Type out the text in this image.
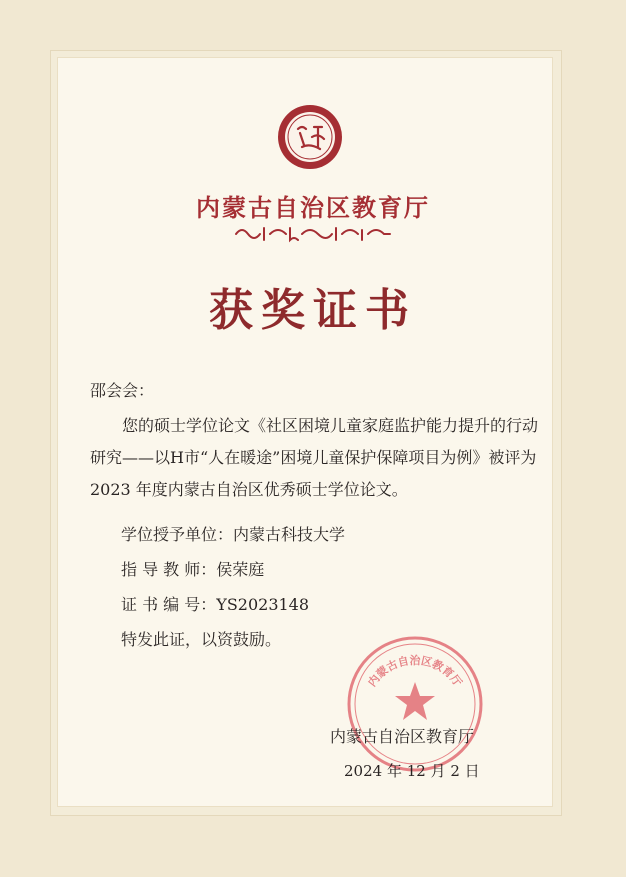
内蒙古自治区教育厅
获奖证书
邵会会：
您的硕士学位论文《社区困境儿童家庭监护能力提升的行动研究——以H市“人在暖途”困境儿童保护保障项目为例》被评为 2023 年度内蒙古自治区优秀硕士学位论文。
学位授予单位：内蒙古科技大学
指 导 教 师：侯荣庭
证 书 编 号：YS2023148
特发此证，以资鼓励。
内蒙古自治区教育厅
内蒙古自治区教育厅
2024 年 12 月 2 日
